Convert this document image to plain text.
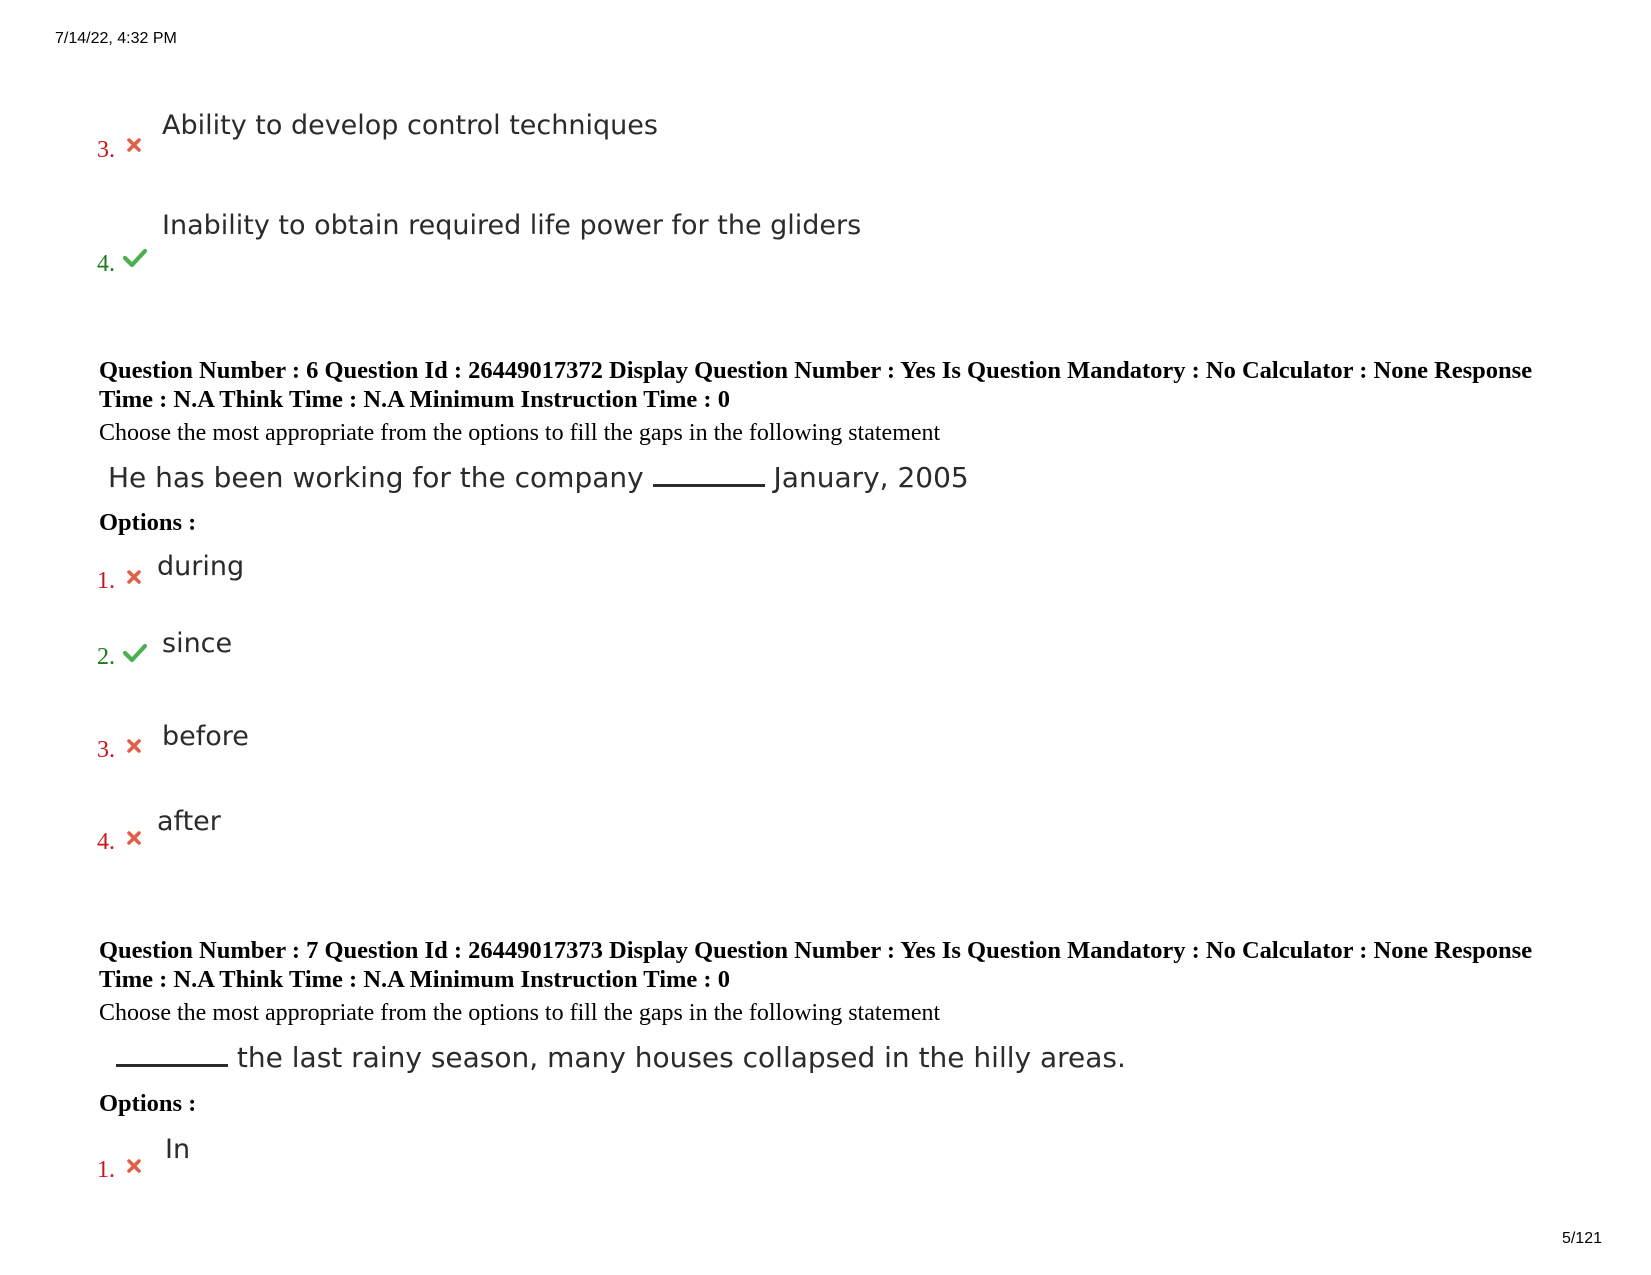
7/14/22, 4:32 PM
5/121
3.
Ability to develop control techniques
4.
Inability to obtain required life power for the gliders
Question Number : 6 Question Id : 26449017372 Display Question Number : Yes Is Question Mandatory : No Calculator : None Response Time : N.A Think Time : N.A Minimum Instruction Time : 0
Choose the most appropriate from the options to fill the gaps in the following statement
He has been working for the company	January, 2005
Options :
1. during
2. since
3. before
4.
after
Question Number : 7 Question Id : 26449017373 Display Question Number : Yes Is Question Mandatory : No Calculator : None Response Time : N.A Think Time : N.A Minimum Instruction Time : 0
Choose the most appropriate from the options to fill the gaps in the following statement
the last rainy season, many houses collapsed in the hilly areas.
Options :
1.
In
